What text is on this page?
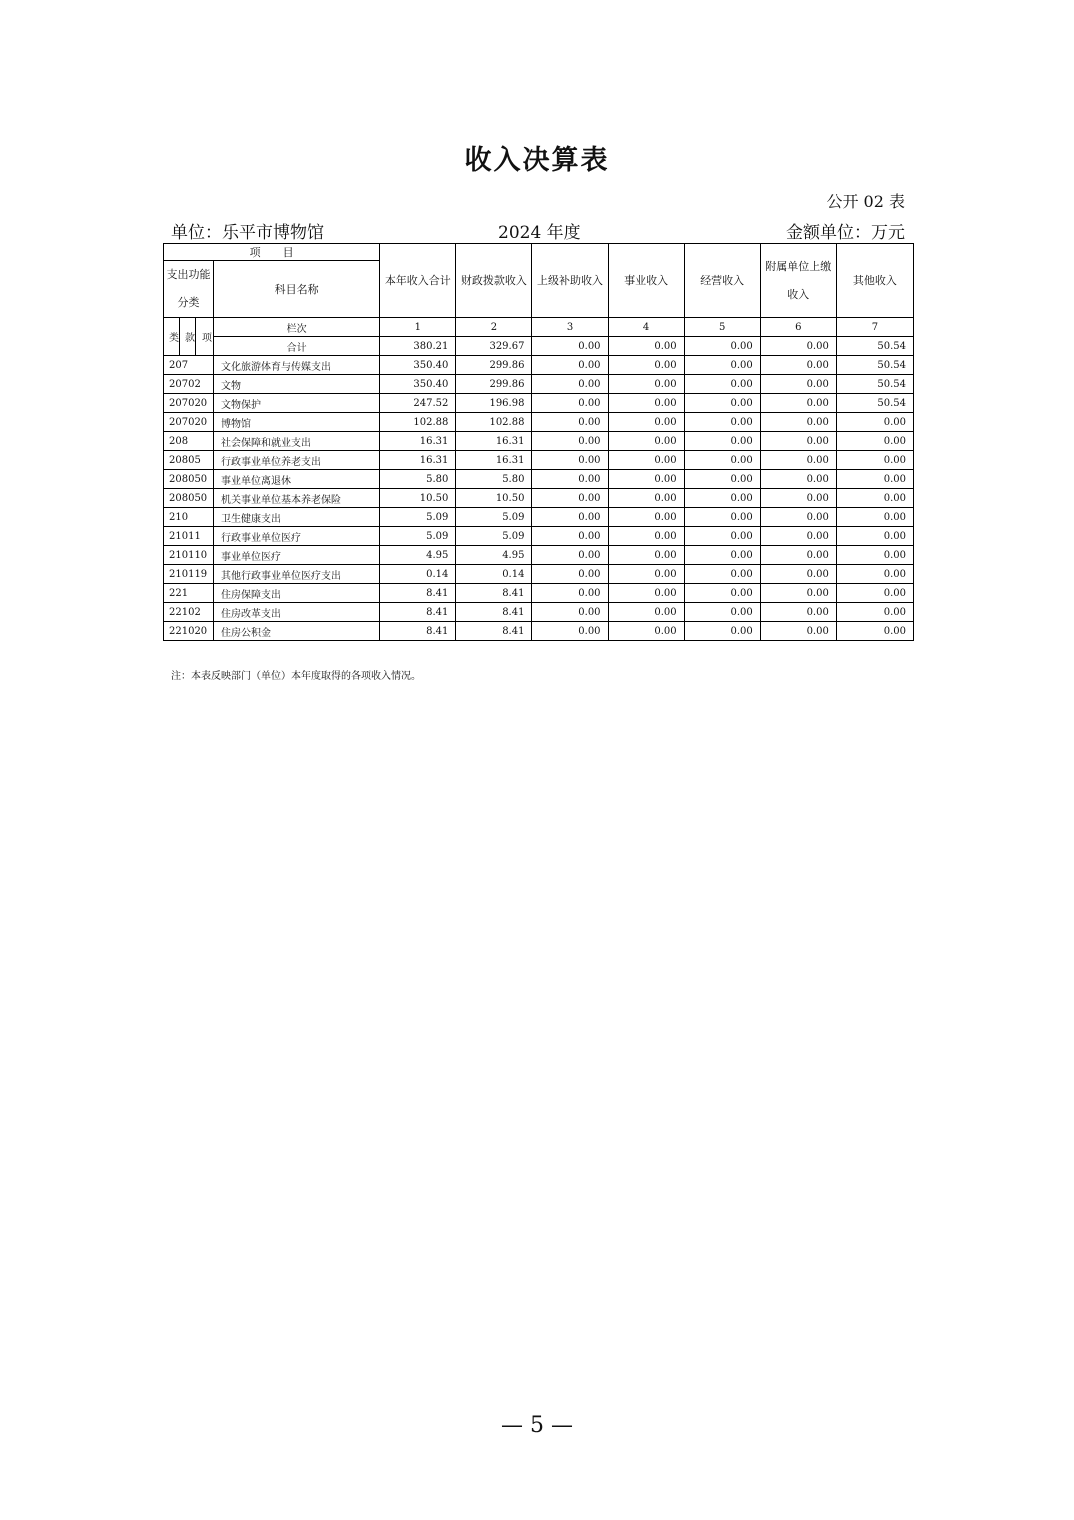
收入决算表
公开 02 表
单位：乐平市博物馆	2024 年度	金额单位：万元
项　　目				本年收入合计	财政拨款收入	上级补助收入	事业收入	经营收入	附属单位上缴收入	其他收入
支出功能分类			科目名称							

类	款	项	栏次	1	2	3	4	5	6	7
			合计	380.21	329.67	0.00	0.00	0.00	0.00	50.54
207			文化旅游体育与传媒支出	350.40	299.86	0.00	0.00	0.00	0.00	50.54
20702			文物	350.40	299.86	0.00	0.00	0.00	0.00	50.54
207020			文物保护	247.52	196.98	0.00	0.00	0.00	0.00	50.54
207020			博物馆	102.88	102.88	0.00	0.00	0.00	0.00	0.00
208			社会保障和就业支出	16.31	16.31	0.00	0.00	0.00	0.00	0.00
20805			行政事业单位养老支出	16.31	16.31	0.00	0.00	0.00	0.00	0.00
208050			事业单位离退休	5.80	5.80	0.00	0.00	0.00	0.00	0.00
208050			机关事业单位基本养老保险	10.50	10.50	0.00	0.00	0.00	0.00	0.00
210			卫生健康支出	5.09	5.09	0.00	0.00	0.00	0.00	0.00
21011			行政事业单位医疗	5.09	5.09	0.00	0.00	0.00	0.00	0.00
210110			事业单位医疗	4.95	4.95	0.00	0.00	0.00	0.00	0.00
210119			其他行政事业单位医疗支出	0.14	0.14	0.00	0.00	0.00	0.00	0.00
221			住房保障支出	8.41	8.41	0.00	0.00	0.00	0.00	0.00
22102			住房改革支出	8.41	8.41	0.00	0.00	0.00	0.00	0.00
221020			住房公积金	8.41	8.41	0.00	0.00	0.00	0.00	0.00
注：本表反映部门（单位）本年度取得的各项收入情况。
— 5 —
